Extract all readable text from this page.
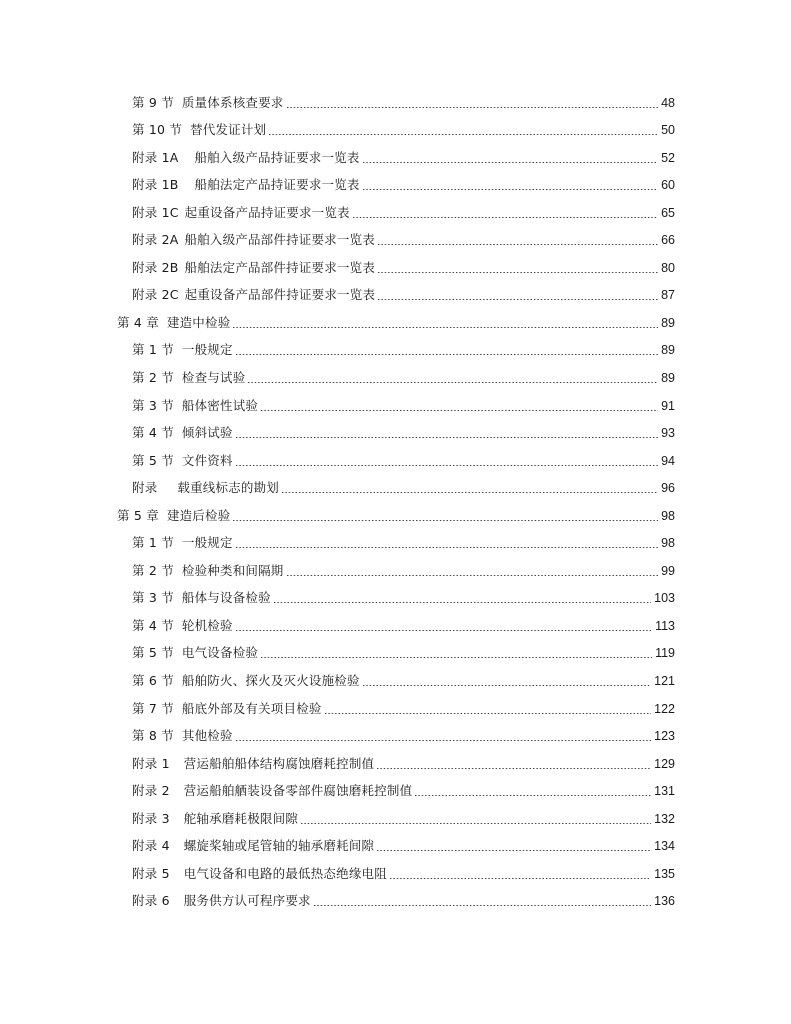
第 9 节 质量体系核查要求	48
第 10 节 替代发证计划	50
附录 1A 船舶入级产品持证要求一览表	52
附录 1B 船舶法定产品持证要求一览表	60
附录 1C 起重设备产品持证要求一览表	65
附录 2A 船舶入级产品部件持证要求一览表	66
附录 2B 船舶法定产品部件持证要求一览表	80
附录 2C 起重设备产品部件持证要求一览表	87
第 4 章 建造中检验	89
第 1 节 一般规定	89
第 2 节 检查与试验	89
第 3 节 船体密性试验	91
第 4 节 倾斜试验	93
第 5 节 文件资料	94
附录 载重线标志的勘划	96
第 5 章 建造后检验	98
第 1 节 一般规定	98
第 2 节 检验种类和间隔期	99
第 3 节 船体与设备检验	103
第 4 节 轮机检验	113
第 5 节 电气设备检验	119
第 6 节 船舶防火、探火及灭火设施检验	121
第 7 节 船底外部及有关项目检验	122
第 8 节 其他检验	123
附录 1 营运船舶船体结构腐蚀磨耗控制值	129
附录 2 营运船舶舾装设备零部件腐蚀磨耗控制值	131
附录 3 舵轴承磨耗极限间隙	132
附录 4 螺旋桨轴或尾管轴的轴承磨耗间隙	134
附录 5 电气设备和电路的最低热态绝缘电阻	135
附录 6 服务供方认可程序要求	136
